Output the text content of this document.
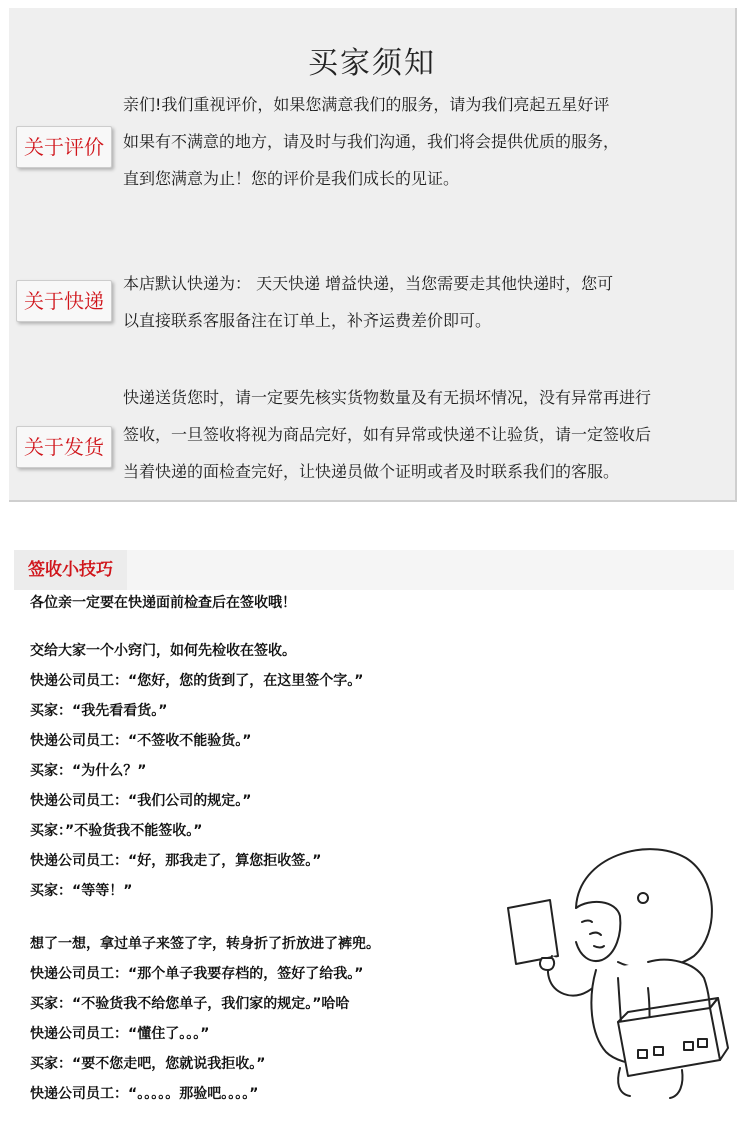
买家须知
关于评价
亲们!我们重视评价，如果您满意我们的服务，请为我们亮起五星好评
如果有不满意的地方，请及时与我们沟通，我们将会提供优质的服务，
直到您满意为止！您的评价是我们成长的见证。
关于快递
本店默认快递为： 天天快递 增益快递，当您需要走其他快递时，您可
以直接联系客服备注在订单上，补齐运费差价即可。
关于发货
快递送货您时，请一定要先核实货物数量及有无损坏情况，没有异常再进行
签收，一旦签收将视为商品完好，如有异常或快递不让验货，请一定签收后
当着快递的面检查完好，让快递员做个证明或者及时联系我们的客服。
签收小技巧
各位亲一定要在快递面前检查后在签收哦！
交给大家一个小窍门，如何先检收在签收。
快递公司员工：“您好，您的货到了，在这里签个字。”
买家：“我先看看货。”
快递公司员工：“不签收不能验货。”
买家：“为什么？”
快递公司员工：“我们公司的规定。”
买家：”不验货我不能签收。”
快递公司员工：“好，那我走了，算您拒收签。”
买家：“等等！”
想了一想，拿过单子来签了字，转身折了折放进了裤兜。
快递公司员工：“那个单子我要存档的，签好了给我。”
买家：“不验货我不给您单子，我们家的规定。”哈哈
快递公司员工：“懂住了。。。”
买家：“要不您走吧，您就说我拒收。”
快递公司员工：“。。。。。那验吧。。。。”
